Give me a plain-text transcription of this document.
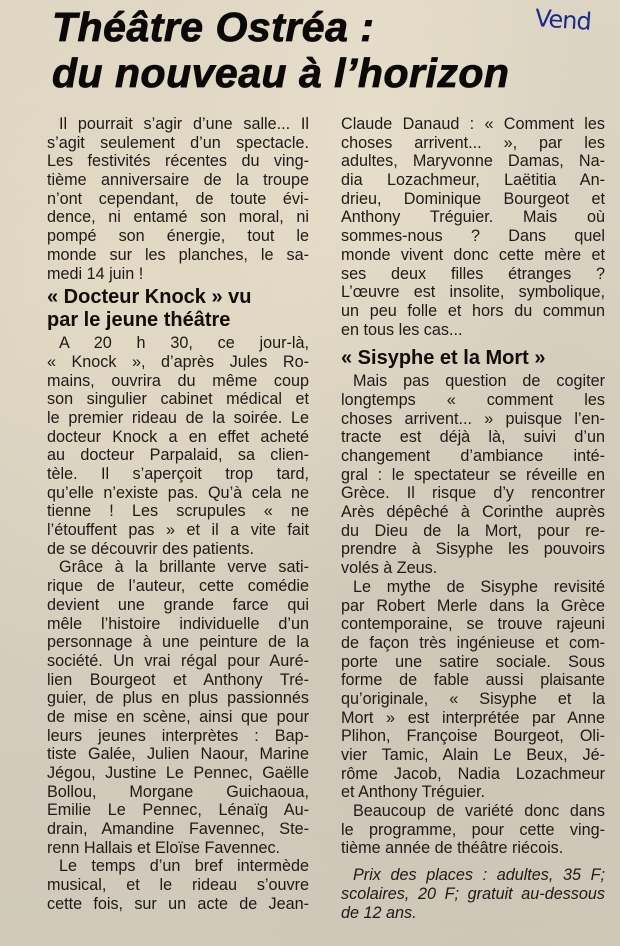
Théâtre Ostréa :
du nouveau à l’horizon
Vend
Il pourrait s’agir d’une salle... Il
s’agit seulement d’un spectacle.
Les festivités récentes du ving-
tième anniversaire de la troupe
n’ont cependant, de toute évi-
dence, ni entamé son moral, ni
pompé son énergie, tout le
monde sur les planches, le sa-
medi 14 juin !
« Docteur Knock » vu
par le jeune théâtre
A 20 h 30, ce jour-là,
« Knock », d’après Jules Ro-
mains, ouvrira du même coup
son singulier cabinet médical et
le premier rideau de la soirée. Le
docteur Knock a en effet acheté
au docteur Parpalaid, sa clien-
tèle. Il s’aperçoit trop tard,
qu’elle n’existe pas. Qu’à cela ne
tienne ! Les scrupules « ne
l’étouffent pas » et il a vite fait
de se découvrir des patients.
Grâce à la brillante verve sati-
rique de l’auteur, cette comédie
devient une grande farce qui
mêle l’histoire individuelle d’un
personnage à une peinture de la
société. Un vrai régal pour Auré-
lien Bourgeot et Anthony Tré-
guier, de plus en plus passionnés
de mise en scène, ainsi que pour
leurs jeunes interprètes : Bap-
tiste Galée, Julien Naour, Marine
Jégou, Justine Le Pennec, Gaëlle
Bollou, Morgane Guichaoua,
Emilie Le Pennec, Lénaïg Au-
drain, Amandine Favennec, Ste-
renn Hallais et Eloïse Favennec.
Le temps d’un bref intermède
musical, et le rideau s’ouvre
cette fois, sur un acte de Jean-
Claude Danaud : « Comment les
choses arrivent... », par les
adultes, Maryvonne Damas, Na-
dia Lozachmeur, Laëtitia An-
drieu, Dominique Bourgeot et
Anthony Tréguier. Mais où
sommes-nous ? Dans quel
monde vivent donc cette mère et
ses deux filles étranges ?
L’œuvre est insolite, symbolique,
un peu folle et hors du commun
en tous les cas...
« Sisyphe et la Mort »
Mais pas question de cogiter
longtemps « comment les
choses arrivent... » puisque l’en-
tracte est déjà là, suivi d’un
changement d’ambiance inté-
gral : le spectateur se réveille en
Grèce. Il risque d’y rencontrer
Arès dépêché à Corinthe auprès
du Dieu de la Mort, pour re-
prendre à Sisyphe les pouvoirs
volés à Zeus.
Le mythe de Sisyphe revisité
par Robert Merle dans la Grèce
contemporaine, se trouve rajeuni
de façon très ingénieuse et com-
porte une satire sociale. Sous
forme de fable aussi plaisante
qu’originale, « Sisyphe et la
Mort » est interprétée par Anne
Plihon, Françoise Bourgeot, Oli-
vier Tamic, Alain Le Beux, Jé-
rôme Jacob, Nadia Lozachmeur
et Anthony Tréguier.
Beaucoup de variété donc dans
le programme, pour cette ving-
tième année de théâtre riécois.
Prix des places : adultes, 35 F;
scolaires, 20 F; gratuit au-dessous
de 12 ans.
